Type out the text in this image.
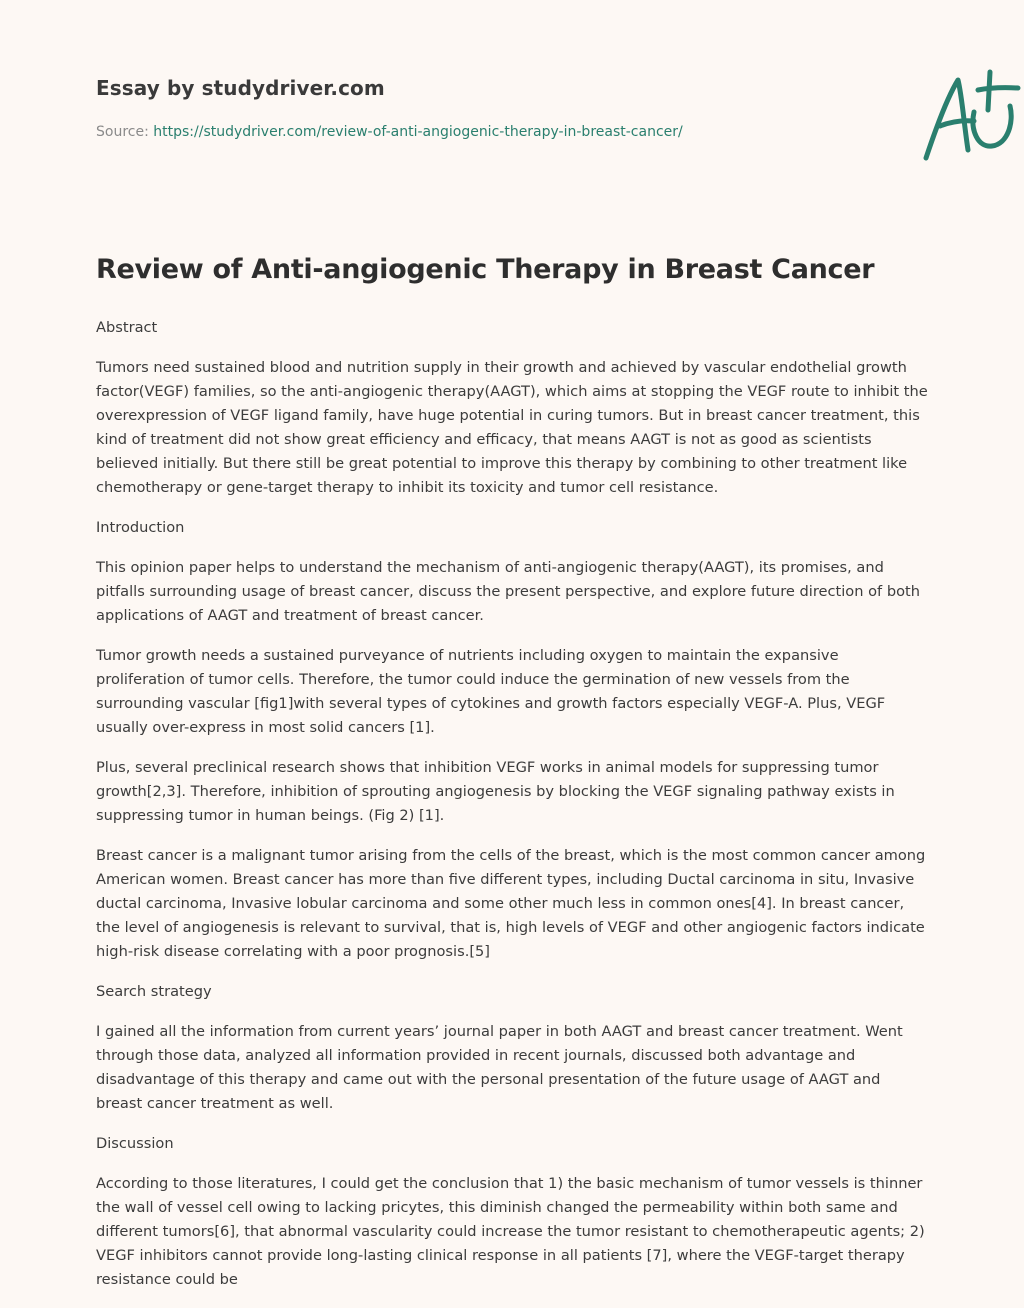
Essay by studydriver.com
Source: https://studydriver.com/review-of-anti-angiogenic-therapy-in-breast-cancer/
Review of Anti-angiogenic Therapy in Breast Cancer

Abstract

Tumors need sustained blood and nutrition supply in their growth and achieved by vascular endothelial growth factor(VEGF) families, so the anti-angiogenic therapy(AAGT), which aims at stopping the VEGF route to inhibit the overexpression of VEGF ligand family, have huge potential in curing tumors. But in breast cancer treatment, this kind of treatment did not show great efficiency and efficacy, that means AAGT is not as good as scientists believed initially. But there still be great potential to improve this therapy by combining to other treatment like chemotherapy or gene-target therapy to inhibit its toxicity and tumor cell resistance.

Introduction

This opinion paper helps to understand the mechanism of anti-angiogenic therapy(AAGT), its promises, and pitfalls surrounding usage of breast cancer, discuss the present perspective, and explore future direction of both applications of AAGT and treatment of breast cancer.

Tumor growth needs a sustained purveyance of nutrients including oxygen to maintain the expansive proliferation of tumor cells. Therefore, the tumor could induce the germination of new vessels from the surrounding vascular [fig1]with several types of cytokines and growth factors especially VEGF-A. Plus, VEGF usually over-express in most solid cancers [1].

Plus, several preclinical research shows that inhibition VEGF works in animal models for suppressing tumor growth[2,3]. Therefore, inhibition of sprouting angiogenesis by blocking the VEGF signaling pathway exists in suppressing tumor in human beings. (Fig 2) [1].

Breast cancer is a malignant tumor arising from the cells of the breast, which is the most common cancer among American women. Breast cancer has more than five different types, including Ductal carcinoma in situ, Invasive ductal carcinoma, Invasive lobular carcinoma and some other much less in common ones[4]. In breast cancer, the level of angiogenesis is relevant to survival, that is, high levels of VEGF and other angiogenic factors indicate high-risk disease correlating with a poor prognosis.[5]

Search strategy

I gained all the information from current years’ journal paper in both AAGT and breast cancer treatment. Went through those data, analyzed all information provided in recent journals, discussed both advantage and disadvantage of this therapy and came out with the personal presentation of the future usage of AAGT and breast cancer treatment as well.

Discussion

According to those literatures, I could get the conclusion that 1) the basic mechanism of tumor vessels is thinner the wall of vessel cell owing to lacking pricytes, this diminish changed the permeability within both same and different tumors[6], that abnormal vascularity could increase the tumor resistant to chemotherapeutic agents; 2) VEGF inhibitors cannot provide long-lasting clinical response in all patients [7], where the VEGF-target therapy resistance could be
